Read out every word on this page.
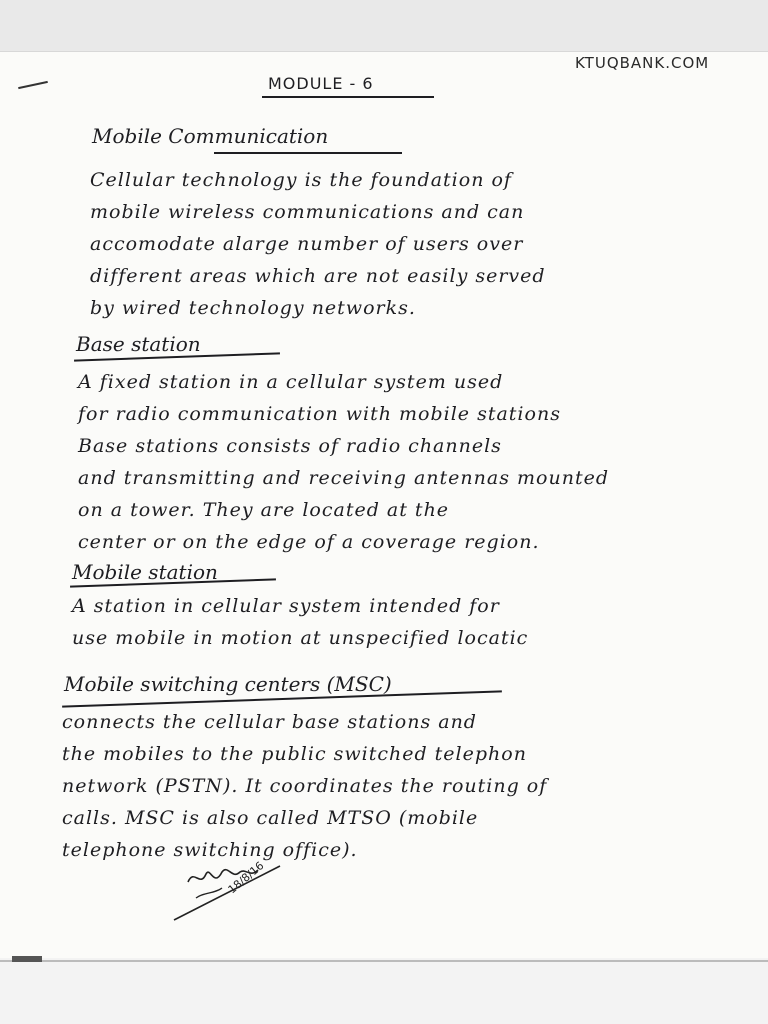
KTUQBANK.COM
MODULE - 6
Mobile Communication
Cellular technology is the foundation of
mobile wireless communications and can
accomodate alarge number of users over
different areas which are not easily served
by wired technology networks.
Base station
A fixed station in a cellular system used
for radio communication with mobile stations
Base stations consists of radio channels
and transmitting and receiving antennas mounted
on a tower. They are located at the
center or on the edge of a coverage region.
Mobile station
A station in cellular system intended for
use mobile in motion at unspecified locatic
Mobile switching centers (MSC)
connects the cellular base stations and
the mobiles to the public switched telephon
network (PSTN). It coordinates the routing of
calls. MSC is also called MTSO (mobile
telephone switching office).
18/8/16
